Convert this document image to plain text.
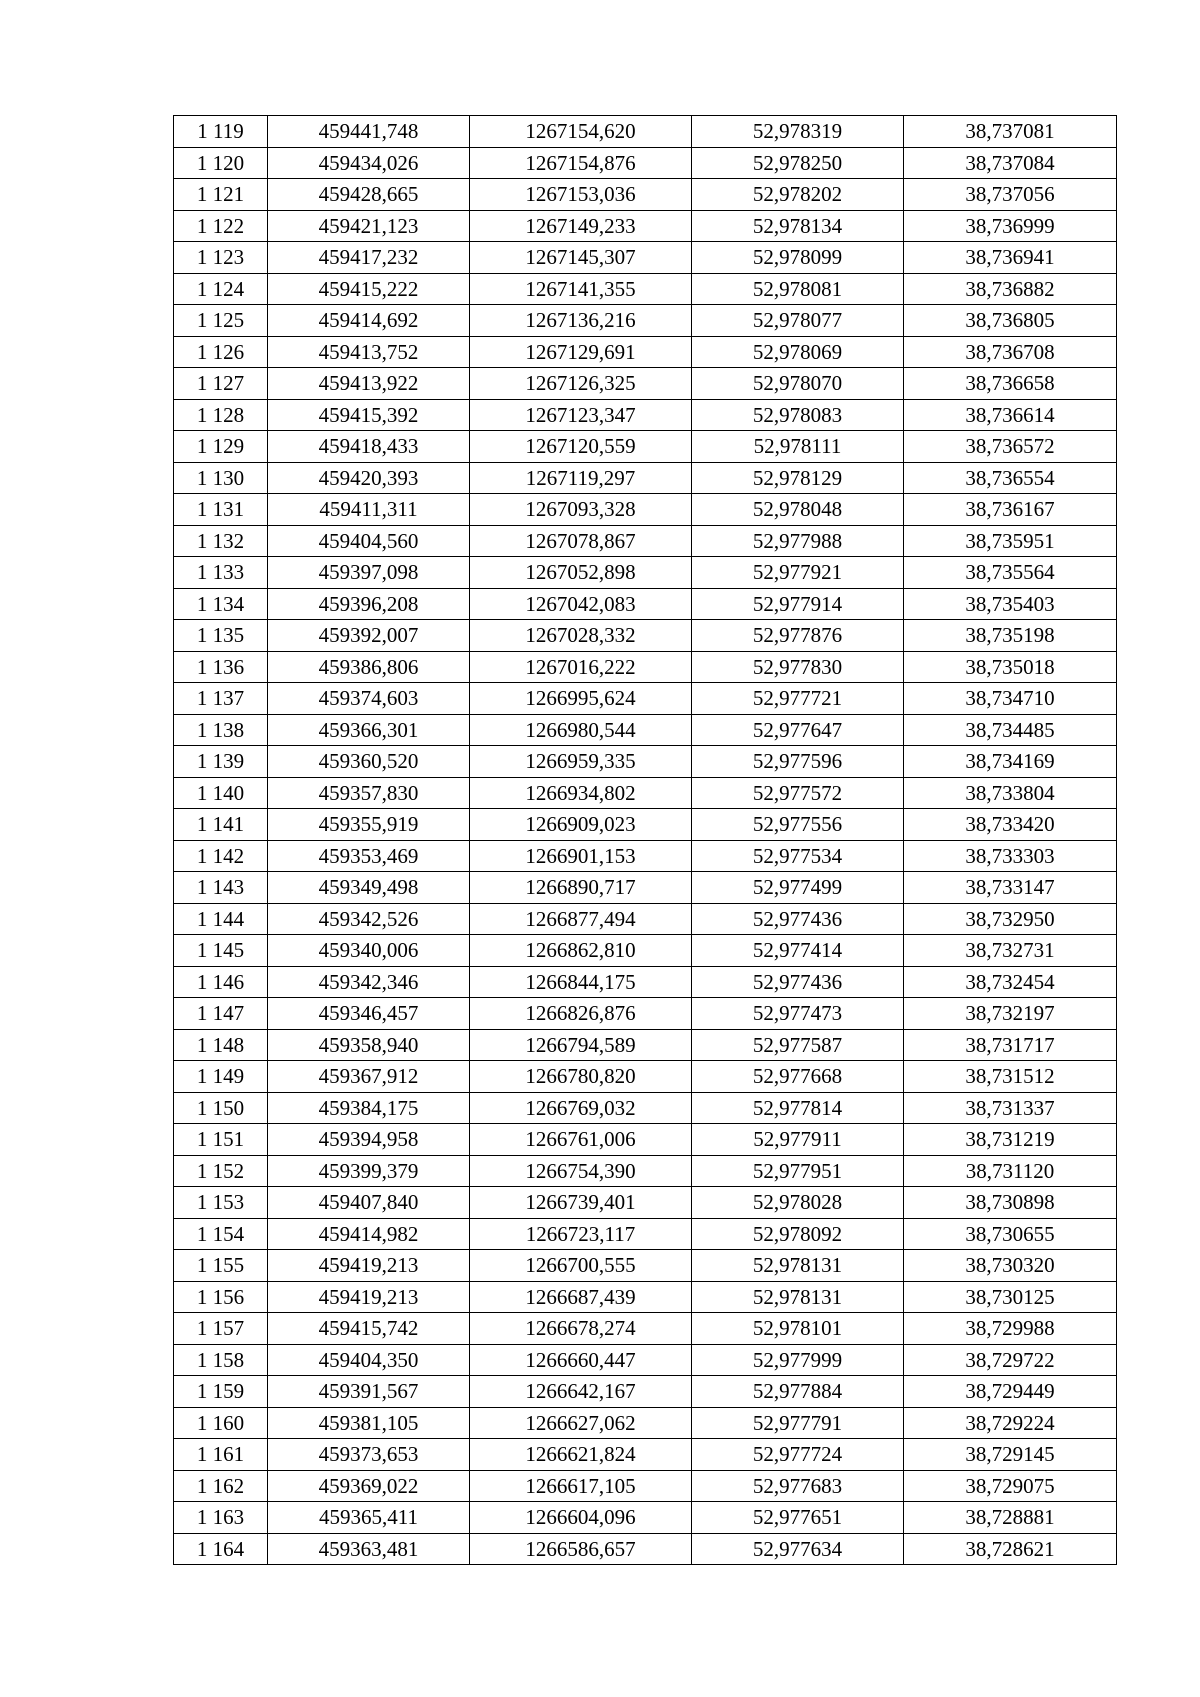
1 119	459441,748	1267154,620	52,978319	38,737081
1 120	459434,026	1267154,876	52,978250	38,737084
1 121	459428,665	1267153,036	52,978202	38,737056
1 122	459421,123	1267149,233	52,978134	38,736999
1 123	459417,232	1267145,307	52,978099	38,736941
1 124	459415,222	1267141,355	52,978081	38,736882
1 125	459414,692	1267136,216	52,978077	38,736805
1 126	459413,752	1267129,691	52,978069	38,736708
1 127	459413,922	1267126,325	52,978070	38,736658
1 128	459415,392	1267123,347	52,978083	38,736614
1 129	459418,433	1267120,559	52,978111	38,736572
1 130	459420,393	1267119,297	52,978129	38,736554
1 131	459411,311	1267093,328	52,978048	38,736167
1 132	459404,560	1267078,867	52,977988	38,735951
1 133	459397,098	1267052,898	52,977921	38,735564
1 134	459396,208	1267042,083	52,977914	38,735403
1 135	459392,007	1267028,332	52,977876	38,735198
1 136	459386,806	1267016,222	52,977830	38,735018
1 137	459374,603	1266995,624	52,977721	38,734710
1 138	459366,301	1266980,544	52,977647	38,734485
1 139	459360,520	1266959,335	52,977596	38,734169
1 140	459357,830	1266934,802	52,977572	38,733804
1 141	459355,919	1266909,023	52,977556	38,733420
1 142	459353,469	1266901,153	52,977534	38,733303
1 143	459349,498	1266890,717	52,977499	38,733147
1 144	459342,526	1266877,494	52,977436	38,732950
1 145	459340,006	1266862,810	52,977414	38,732731
1 146	459342,346	1266844,175	52,977436	38,732454
1 147	459346,457	1266826,876	52,977473	38,732197
1 148	459358,940	1266794,589	52,977587	38,731717
1 149	459367,912	1266780,820	52,977668	38,731512
1 150	459384,175	1266769,032	52,977814	38,731337
1 151	459394,958	1266761,006	52,977911	38,731219
1 152	459399,379	1266754,390	52,977951	38,731120
1 153	459407,840	1266739,401	52,978028	38,730898
1 154	459414,982	1266723,117	52,978092	38,730655
1 155	459419,213	1266700,555	52,978131	38,730320
1 156	459419,213	1266687,439	52,978131	38,730125
1 157	459415,742	1266678,274	52,978101	38,729988
1 158	459404,350	1266660,447	52,977999	38,729722
1 159	459391,567	1266642,167	52,977884	38,729449
1 160	459381,105	1266627,062	52,977791	38,729224
1 161	459373,653	1266621,824	52,977724	38,729145
1 162	459369,022	1266617,105	52,977683	38,729075
1 163	459365,411	1266604,096	52,977651	38,728881
1 164	459363,481	1266586,657	52,977634	38,728621
